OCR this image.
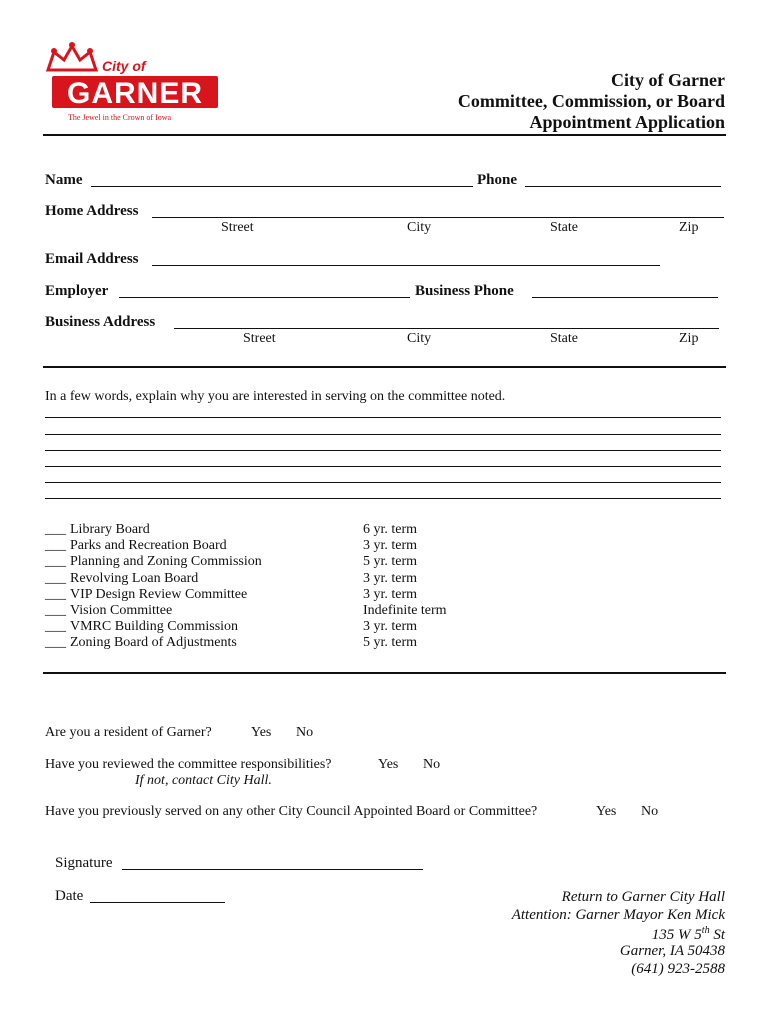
GARNER
City of
The Jewel in the Crown of Iowa
City of Garner
Committee, Commission, or Board
Appointment Application
Name	Phone
Home Address
Street	City	State	Zip
Email Address
Employer	Business Phone
Business Address
Street	City	State	Zip
In a few words, explain why you are interested in serving on the committee noted.
___ Library Board	6 yr. term
___ Parks and Recreation Board	3 yr. term
___ Planning and Zoning Commission	5 yr. term
___ Revolving Loan Board	3 yr. term
___ VIP Design Review Committee	3 yr. term
___ Vision Committee	Indefinite term
___ VMRC Building Commission	3 yr. term
___ Zoning Board of Adjustments	5 yr. term
Are you a resident of Garner?	Yes No
Have you reviewed the committee responsibilities?	Yes No
If not, contact City Hall.
Have you previously served on any other City Council Appointed Board or Committee?	Yes No
Signature
Date	Return to Garner City Hall
Attention: Garner Mayor Ken Mick
135 W 5th St
Garner, IA 50438
(641) 923-2588
